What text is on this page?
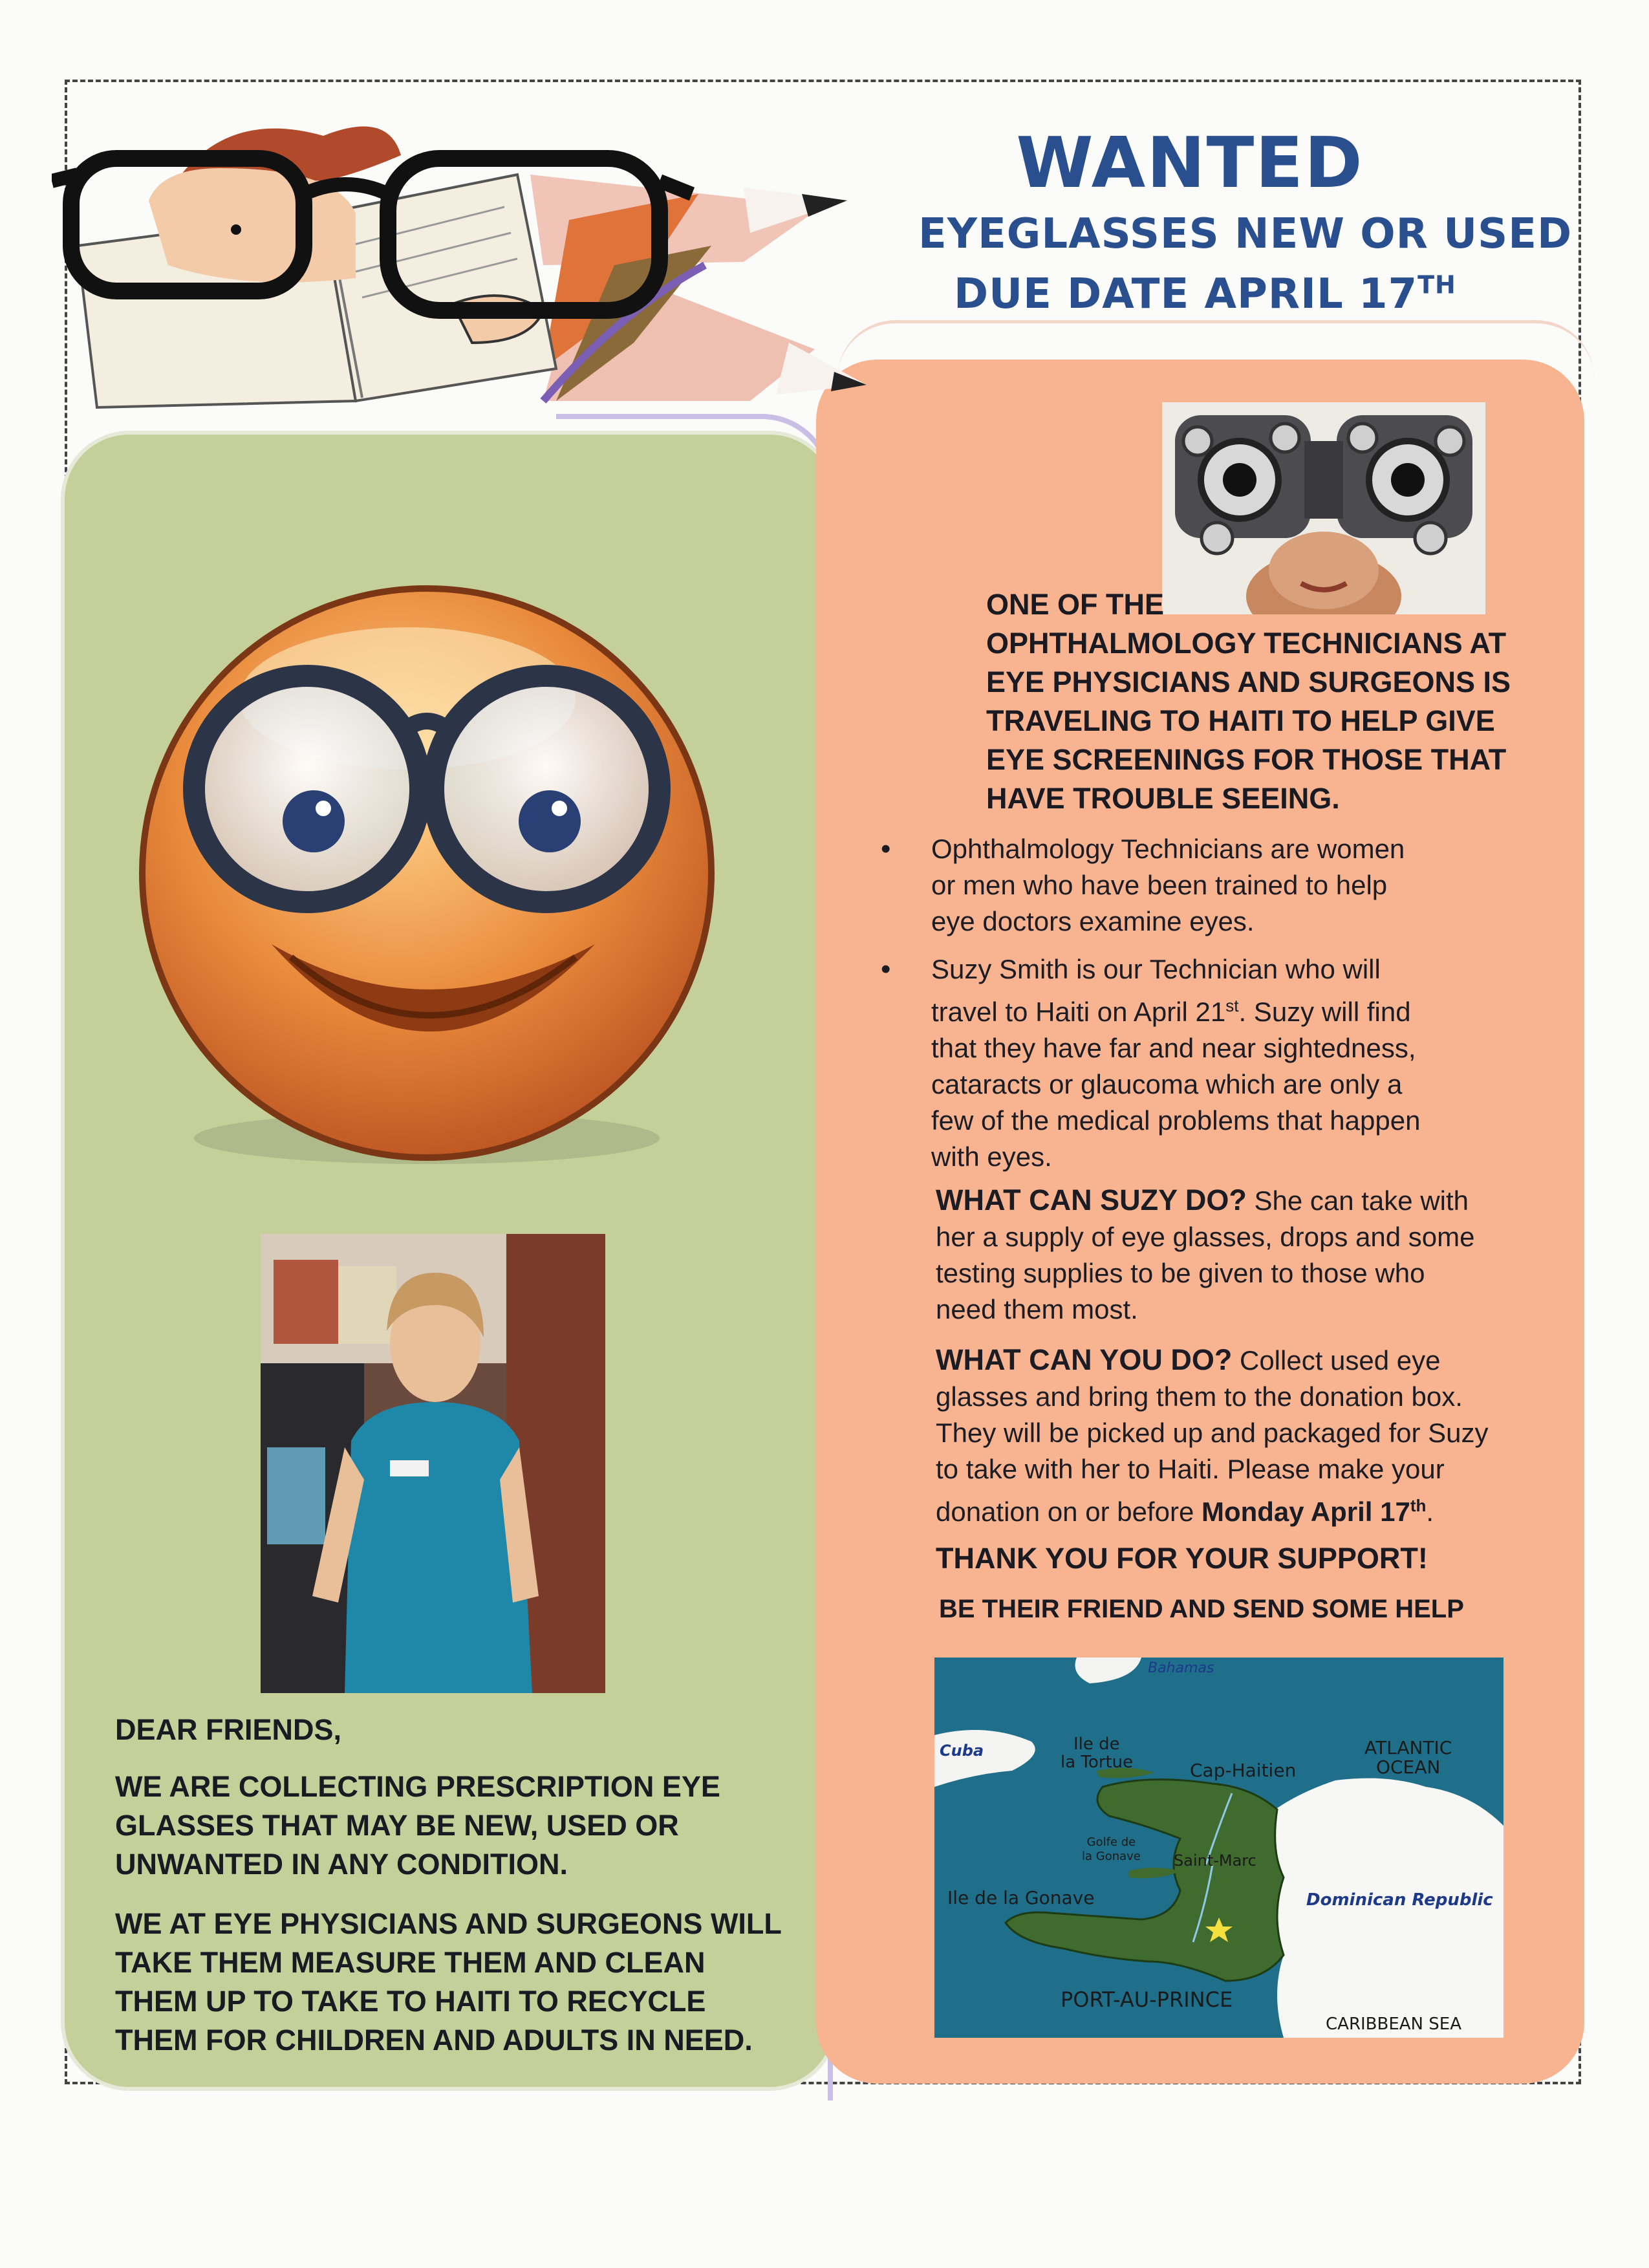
WANTED
EYEGLASSES NEW OR USED
DUE DATE APRIL 17TH
DEAR FRIENDS,
WE ARE COLLECTING PRESCRIPTION EYE
GLASSES THAT MAY BE NEW, USED OR
UNWANTED IN ANY CONDITION.
WE AT EYE PHYSICIANS AND SURGEONS WILL
TAKE THEM MEASURE THEM AND CLEAN
THEM UP TO TAKE TO HAITI TO RECYCLE
THEM FOR CHILDREN AND ADULTS IN NEED.
ONE OF THE
OPHTHALMOLOGY TECHNICIANS AT
EYE PHYSICIANS AND SURGEONS IS
TRAVELING TO HAITI TO HELP GIVE
EYE SCREENINGS FOR THOSE THAT
HAVE TROUBLE SEEING.
• Ophthalmology Technicians are women
or men who have been trained to help
eye doctors examine eyes.
• Suzy Smith is our Technician who will
travel to Haiti on April 21st. Suzy will find
that they have far and near sightedness,
cataracts or glaucoma which are only a
few of the medical problems that happen
with eyes.
WHAT CAN SUZY DO? She can take with
her a supply of eye glasses, drops and some
testing supplies to be given to those who
need them most.
WHAT CAN YOU DO? Collect used eye
glasses and bring them to the donation box.
They will be picked up and packaged for Suzy
to take with her to Haiti. Please make your
donation on or before Monday April 17th.
THANK YOU FOR YOUR SUPPORT!
BE THEIR FRIEND AND SEND SOME HELP
Bahamas
Cuba	Ile de
la Tortue	Cap-Haitien
ATLANTIC
OCEAN
Golfe de
la Gonave Saint-Marc
Ile de la Gonave	Dominican Republic
PORT-AU-PRINCE
CARIBBEAN SEA
